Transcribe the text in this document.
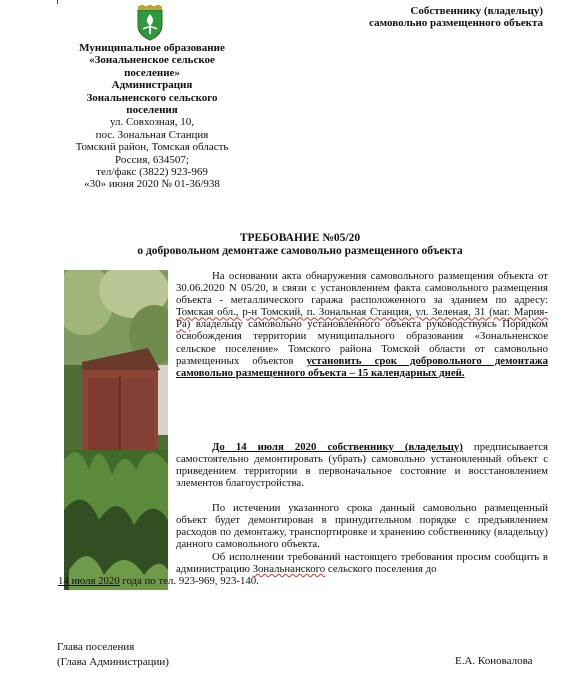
Собственнику (владельцу)
самовольно размещенного объекта
Муниципальное образование
«Зональненское сельское
поселение»
Администрация
Зональненского сельского
поселения
ул. Совхозная, 10,
пос. Зональная Станция
Томский район, Томская область
Россия, 634507;
тел/факс (3822) 923-969
«30» июня 2020 № 01-36/938
ТРЕБОВАНИЕ №05/20
о добровольном демонтаже самовольно размещенного объекта

На основании акта обнаружения самовольного размещения объекта от 30.06.2020 N 05/20, в связи с установлением факта самовольного размещения объекта - металлического гаража расположенного за зданием по адресу: Томская обл., р-н Томский, п. Зональная Станция, ул. Зеленая, 31 (маг. Мария-Ра) владельцу самовольно установленного объекта руководствуясь Порядком освобождения территории муниципального образования «Зональненское сельское поселение» Томского района Томской области от самовольно размещенных объектов установить срок добровольного демонтажа самовольно размещенного объекта – 15 календарных дней.

До 14 июля 2020 собственнику (владельцу) предписывается самостоятельно демонтировать (убрать) самовольно установленный объект с приведением территории в первоначальное состояние и восстановлением элементов благоустройства.

По истечении указанного срока данный самовольно размещенный объект будет демонтирован в принудительном порядке с предъявлением расходов по демонтажу, транспортировке и хранению собственнику (владельцу) данного самовольного объекта.

Об исполнении требований настоящего требования просим сообщить в администрацию Зональнанского сельского поселения до

14 июля 2020 года по тел. 923-969, 923-140.

Глава поселения
(Глава Администрации)	Е.А. Коновалова
